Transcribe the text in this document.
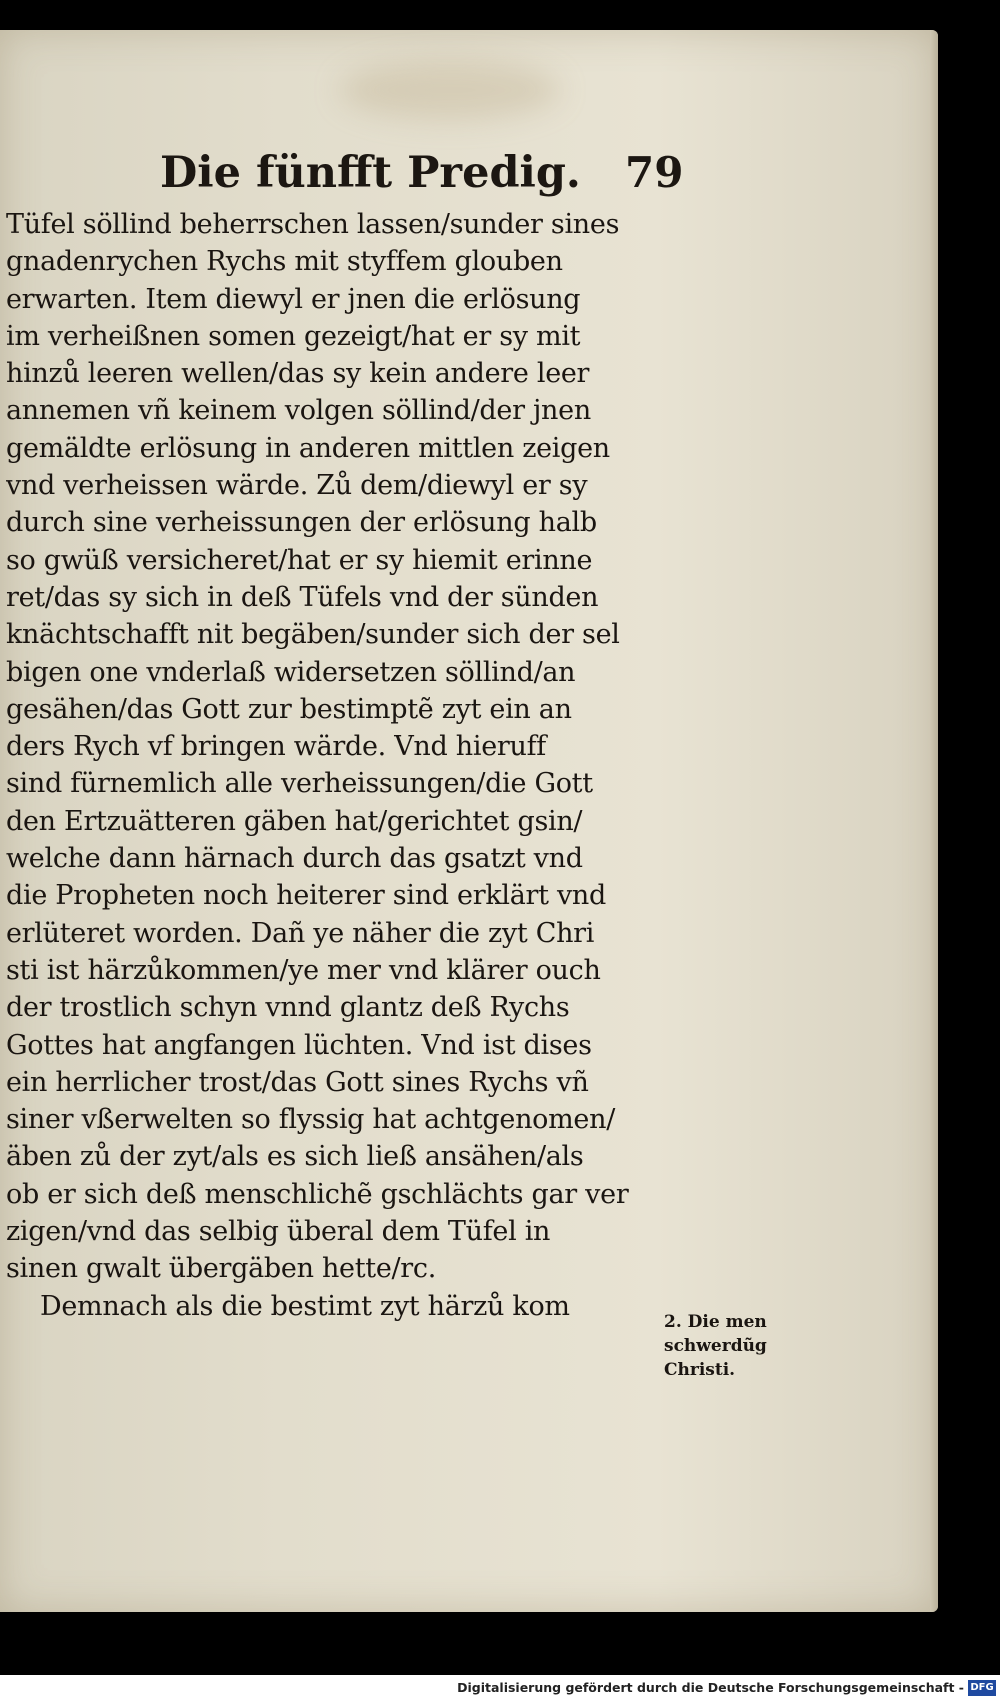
Die fünfft Predig. 79
Tüfel söllind beherrschen lassen/sunder sines
gnadenrychen Rychs mit styffem glouben
erwarten. Item diewyl er jnen die erlösung
im verheißnen somen gezeigt/hat er sy mit
hinzů leeren wellen/das sy kein andere leer
annemen vñ keinem volgen söllind/der jnen
gemäldte erlösung in anderen mittlen zeigen
vnd verheissen wärde. Zů dem/diewyl er sy
durch sine verheissungen der erlösung halb
so gwüß versicheret/hat er sy hiemit erinne
ret/das sy sich in deß Tüfels vnd der sünden
knächtschafft nit begäben/sunder sich der sel
bigen one vnderlaß widersetzen söllind/an
gesähen/das Gott zur bestimptẽ zyt ein an
ders Rych vf bringen wärde. Vnd hieruff
sind fürnemlich alle verheissungen/die Gott
den Ertzuätteren gäben hat/gerichtet gsin/
welche dann härnach durch das gsatzt vnd
die Propheten noch heiterer sind erklärt vnd
erlüteret worden. Dañ ye näher die zyt Chri
sti ist härzůkommen/ye mer vnd klärer ouch
der trostlich schyn vnnd glantz deß Rychs
Gottes hat angfangen lüchten. Vnd ist dises
ein herrlicher trost/das Gott sines Rychs vñ
siner vßerwelten so flyssig hat achtgenomen/
äben zů der zyt/als es sich ließ ansähen/als
ob er sich deß menschlichẽ gschlächts gar ver
zigen/vnd das selbig überal dem Tüfel in
sinen gwalt übergäben hette/rc.
Demnach als die bestimt zyt härzů kom
2. Die men
schwerdũg
Christi.
Digitalisierung gefördert durch die Deutsche Forschungsgemeinschaft - DFG
